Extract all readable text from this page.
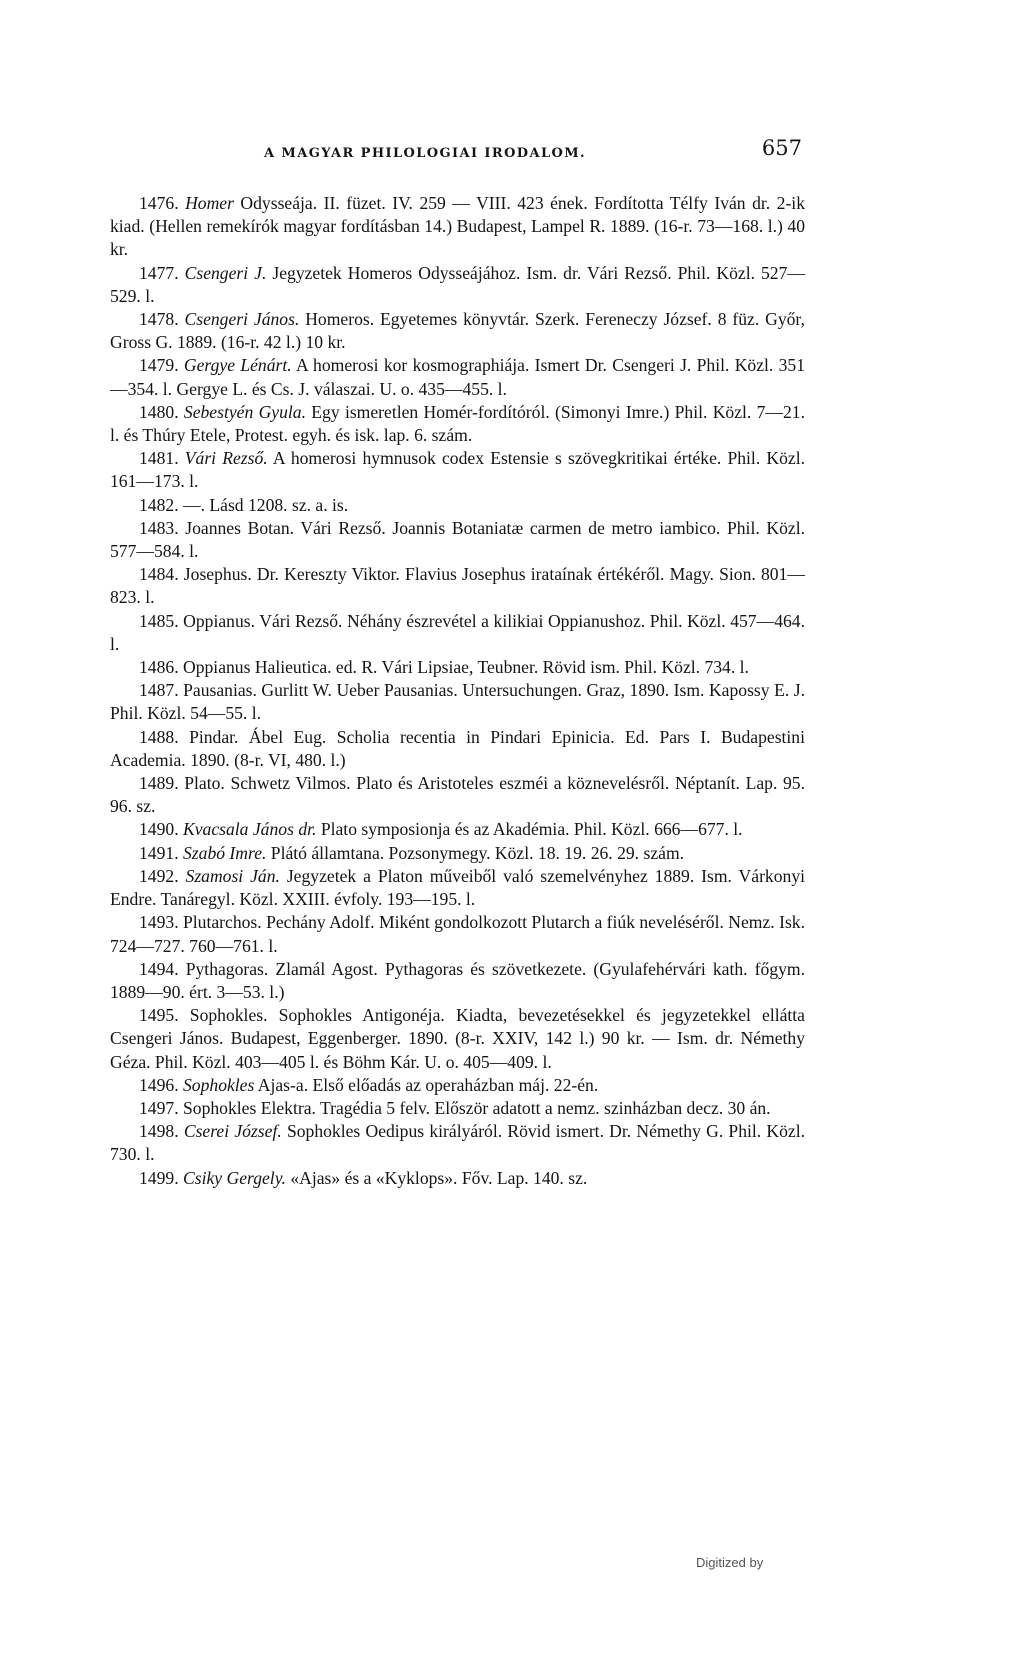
A MAGYAR PHILOLOGIAI IRODALOM.	657

1476. Homer Odysseája. II. füzet. IV. 259 — VIII. 423 ének. Fordította Télfy Iván dr. 2-ik kiad. (Hellen remekírók magyar fordításban 14.) Budapest, Lampel R. 1889. (16-r. 73—168. l.) 40 kr.

1477. Csengeri J. Jegyzetek Homeros Odysseájához. Ism. dr. Vári Rezső. Phil. Közl. 527—529. l.

1478. Csengeri János. Homeros. Egyetemes könyvtár. Szerk. Fereneczy József. 8 füz. Győr, Gross G. 1889. (16-r. 42 l.) 10 kr.

1479. Gergye Lénárt. A homerosi kor kosmographiája. Ismert Dr. Csengeri J. Phil. Közl. 351—354. l. Gergye L. és Cs. J. válaszai. U. o. 435—455. l.

1480. Sebestyén Gyula. Egy ismeretlen Homér-fordítóról. (Simonyi Imre.) Phil. Közl. 7—21. l. és Thúry Etele, Protest. egyh. és isk. lap. 6. szám.

1481. Vári Rezső. A homerosi hymnusok codex Estensie s szövegkritikai értéke. Phil. Közl. 161—173. l.

1482. —. Lásd 1208. sz. a. is.

1483. Joannes Botan. Vári Rezső. Joannis Botaniatæ carmen de metro iambico. Phil. Közl. 577—584. l.

1484. Josephus. Dr. Kereszty Viktor. Flavius Josephus irataínak értékéről. Magy. Sion. 801—823. l.

1485. Oppianus. Vári Rezső. Néhány észrevétel a kilikiai Oppianushoz. Phil. Közl. 457—464. l.

1486. Oppianus Halieutica. ed. R. Vári Lipsiae, Teubner. Rövid ism. Phil. Közl. 734. l.

1487. Pausanias. Gurlitt W. Ueber Pausanias. Untersuchungen. Graz, 1890. Ism. Kapossy E. J. Phil. Közl. 54—55. l.

1488. Pindar. Ábel Eug. Scholia recentia in Pindari Epinicia. Ed. Pars I. Budapestini Academia. 1890. (8-r. VI, 480. l.)

1489. Plato. Schwetz Vilmos. Plato és Aristoteles eszméi a köznevelésről. Néptanít. Lap. 95. 96. sz.

1490. Kvacsala János dr. Plato symposionja és az Akadémia. Phil. Közl. 666—677. l.

1491. Szabó Imre. Plátó államtana. Pozsonymegy. Közl. 18. 19. 26. 29. szám.

1492. Szamosi Ján. Jegyzetek a Platon műveiből való szemelvényhez 1889. Ism. Várkonyi Endre. Tanáregyl. Közl. XXIII. évfoly. 193—195. l.

1493. Plutarchos. Pechány Adolf. Miként gondolkozott Plutarch a fiúk neveléséről. Nemz. Isk. 724—727. 760—761. l.

1494. Pythagoras. Zlamál Agost. Pythagoras és szövetkezete. (Gyulafehérvári kath. főgym. 1889—90. ért. 3—53. l.)

1495. Sophokles. Sophokles Antigonéja. Kiadta, bevezetésekkel és jegyzetekkel ellátta Csengeri János. Budapest, Eggenberger. 1890. (8-r. XXIV, 142 l.) 90 kr. — Ism. dr. Némethy Géza. Phil. Közl. 403—405 l. és Böhm Kár. U. o. 405—409. l.

1496. Sophokles Ajas-a. Első előadás az operaházban máj. 22-én.

1497. Sophokles Elektra. Tragédia 5 felv. Először adatott a nemz. szinházban decz. 30 án.

1498. Cserei József. Sophokles Oedipus királyáról. Rövid ismert. Dr. Némethy G. Phil. Közl. 730. l.

1499. Csiky Gergely. «Ajas» és a «Kyklops». Főv. Lap. 140. sz.

Digitized by
